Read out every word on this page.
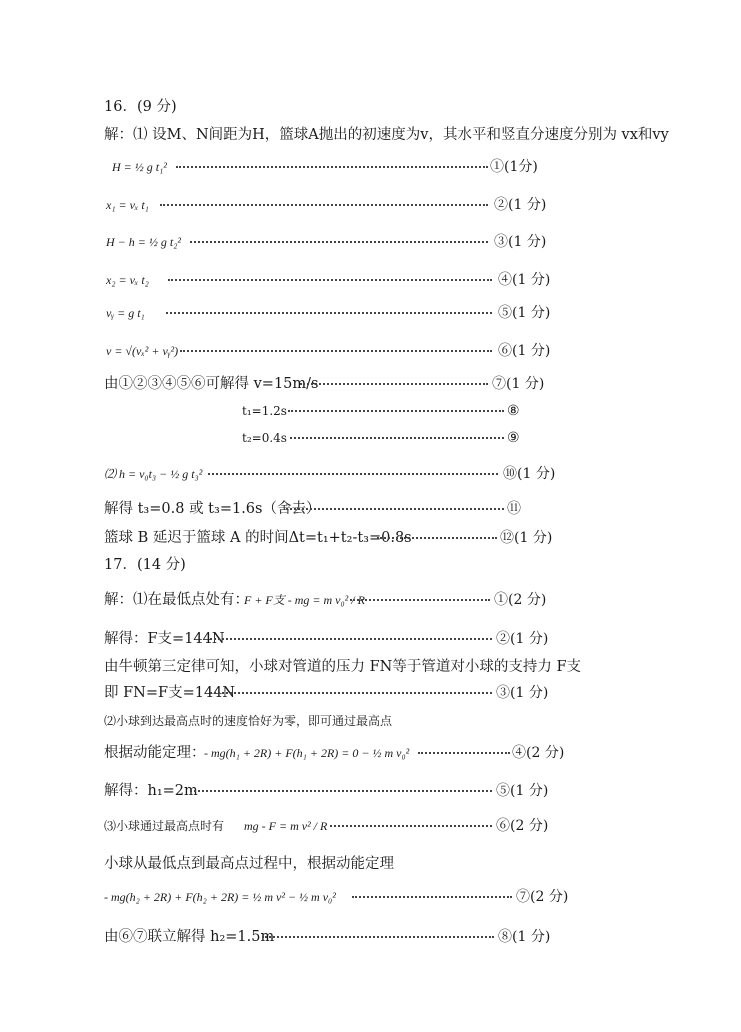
16．(9 分)
解：⑴ 设M、N间距为H，篮球A抛出的初速度为v，其水平和竖直分速度分别为 vx和vy
H = ½ g t₁²	①(1分)
x₁ = vₓ t₁	②(1 分)
H − h = ½ g t₂²	③(1 分)
x₂ = vₓ t₂	④(1 分)
vᵧ = g t₁	⑤(1 分)
v = √(vₓ² + vᵧ²)	⑥(1 分)
由①②③④⑤⑥可解得 v=15m/s	⑦(1 分)
t₁=1.2s	⑧
t₂=0.4s	⑨
⑵ h = v₀t₃ − ½ g t₃²	⑩(1 分)
解得 t₃=0.8 或 t₃=1.6s（舍去）	⑪
篮球 B 延迟于篮球 A 的时间Δt=t₁+t₂-t₃=0.8s	⑫(1 分)
17．(14 分)
解：⑴在最低点处有：
F + F支 - mg = m v₀² / R	①(2 分)
解得：F支=144N	②(1 分)
由牛顿第三定律可知，小球对管道的压力 FN等于管道对小球的支持力 F支
即 FN=F支=144N	③(1 分)
⑵小球到达最高点时的速度恰好为零，即可通过最高点
根据动能定理：
- mg(h₁ + 2R) + F(h₁ + 2R) = 0 − ½ m v₀²	④(2 分)
解得：h₁=2m	⑤(1 分)
⑶小球通过最高点时有 mg - F = m v² / R	⑥(2 分)
小球从最低点到最高点过程中，根据动能定理
- mg(h₂ + 2R) + F(h₂ + 2R) = ½ m v² − ½ m v₀²	⑦(2 分)
由⑥⑦联立解得 h₂=1.5m	⑧(1 分)
